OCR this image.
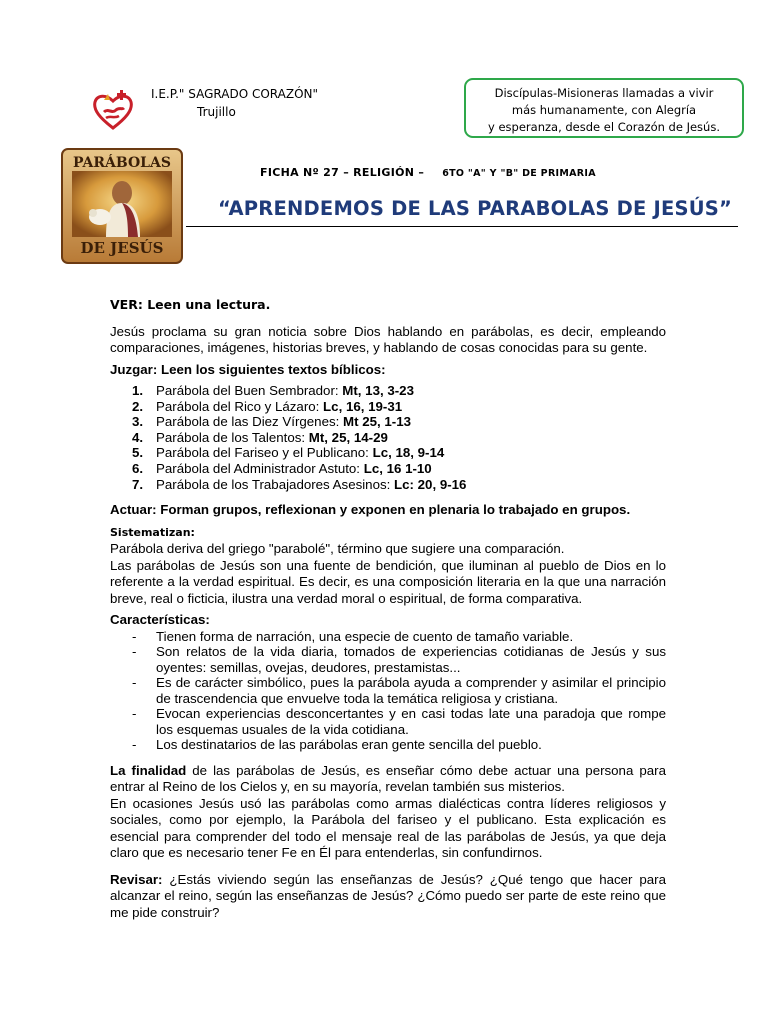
I.E.P." SAGRADO CORAZÓN"
Trujillo
Discípulas-Misioneras llamadas a vivir
más humanamente, con Alegría
y esperanza, desde el Corazón de Jesús.
PARÁBOLAS
DE JESÚS
FICHA Nº 27 – RELIGIÓN – 6TO "A" Y "B" DE PRIMARIA
“APRENDEMOS DE LAS PARABOLAS DE JESÚS”

VER: Leen una lectura.

Jesús proclama su gran noticia sobre Dios hablando en parábolas, es decir, empleando comparaciones, imágenes, historias breves, y hablando de cosas conocidas para su gente.

Juzgar: Leen los siguientes textos bíblicos:

1. Parábola del Buen Sembrador: Mt, 13, 3-23
2. Parábola del Rico y Lázaro: Lc, 16, 19-31
3. Parábola de las Diez Vírgenes: Mt 25, 1-13
4. Parábola de los Talentos: Mt, 25, 14-29
5. Parábola del Fariseo y el Publicano: Lc, 18, 9-14
6. Parábola del Administrador Astuto: Lc, 16 1-10
7. Parábola de los Trabajadores Asesinos: Lc: 20, 9-16

Actuar: Forman grupos, reflexionan y exponen en plenaria lo trabajado en grupos.

Sistematizan:

Parábola deriva del griego "parabolé", término que sugiere una comparación.

Las parábolas de Jesús son una fuente de bendición, que iluminan al pueblo de Dios en lo referente a la verdad espiritual. Es decir, es una composición literaria en la que una narración breve, real o ficticia, ilustra una verdad moral o espiritual, de forma comparativa.

Características:

- Tienen forma de narración, una especie de cuento de tamaño variable.
- Son relatos de la vida diaria, tomados de experiencias cotidianas de Jesús y sus oyentes: semillas, ovejas, deudores, prestamistas...
- Es de carácter simbólico, pues la parábola ayuda a comprender y asimilar el principio de trascendencia que envuelve toda la temática religiosa y cristiana.
- Evocan experiencias desconcertantes y en casi todas late una paradoja que rompe los esquemas usuales de la vida cotidiana.
- Los destinatarios de las parábolas eran gente sencilla del pueblo.

La finalidad de las parábolas de Jesús, es enseñar cómo debe actuar una persona para entrar al Reino de los Cielos y, en su mayoría, revelan también sus misterios.

En ocasiones Jesús usó las parábolas como armas dialécticas contra líderes religiosos y sociales, como por ejemplo, la Parábola del fariseo y el publicano. Esta explicación es esencial para comprender del todo el mensaje real de las parábolas de Jesús, ya que deja claro que es necesario tener Fe en Él para entenderlas, sin confundirnos.

Revisar: ¿Estás viviendo según las enseñanzas de Jesús? ¿Qué tengo que hacer para alcanzar el reino, según las enseñanzas de Jesús? ¿Cómo puedo ser parte de este reino que me pide construir?
